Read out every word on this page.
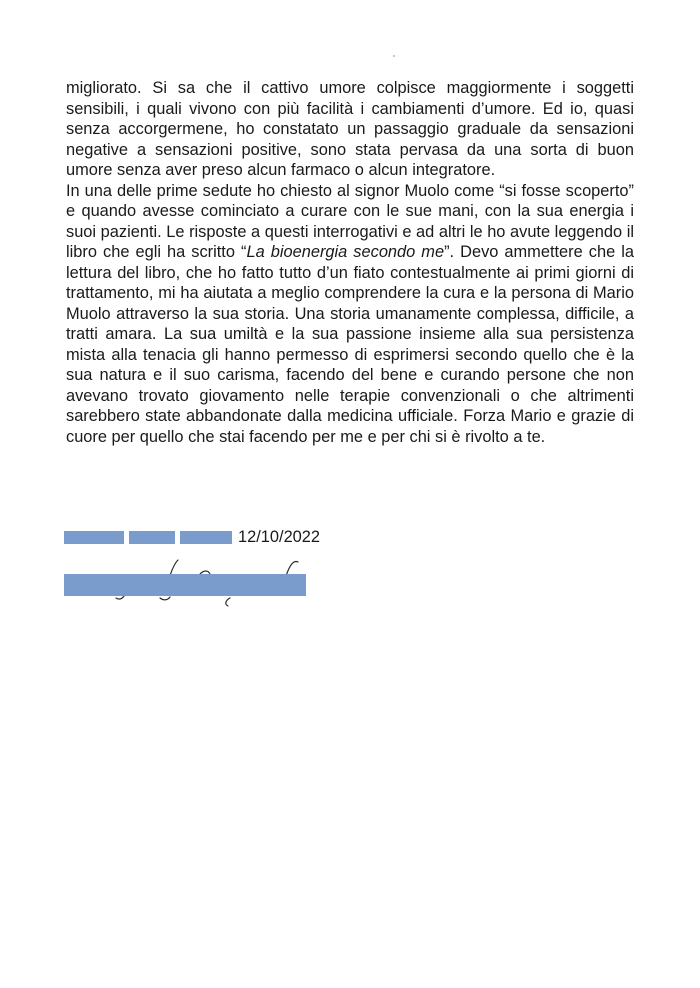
migliorato. Si sa che il cattivo umore colpisce maggiormente i soggetti sensibili, i quali vivono con più facilità i cambiamenti d’umore. Ed io, quasi senza accorgermene, ho constatato un passaggio graduale da sensazioni negative a sensazioni positive, sono stata pervasa da una sorta di buon umore senza aver preso alcun farmaco o alcun integratore.

In una delle prime sedute ho chiesto al signor Muolo come “si fosse scoperto” e quando avesse cominciato a curare con le sue mani, con la sua energia i suoi pazienti. Le risposte a questi interrogativi e ad altri le ho avute leggendo il libro che egli ha scritto “La bioenergia secondo me”. Devo ammettere che la lettura del libro, che ho fatto tutto d’un fiato contestualmente ai primi giorni di trattamento, mi ha aiutata a meglio comprendere la cura e la persona di Mario Muolo attraverso la sua storia. Una storia umanamente complessa, difficile, a tratti amara. La sua umiltà e la sua passione insieme alla sua persistenza mista alla tenacia gli hanno permesso di esprimersi secondo quello che è la sua natura e il suo carisma, facendo del bene e curando persone che non avevano trovato giovamento nelle terapie convenzionali o che altrimenti sarebbero state abbandonate dalla medicina ufficiale. Forza Mario e grazie di cuore per quello che stai facendo per me e per chi si è rivolto a te.

12/10/2022
